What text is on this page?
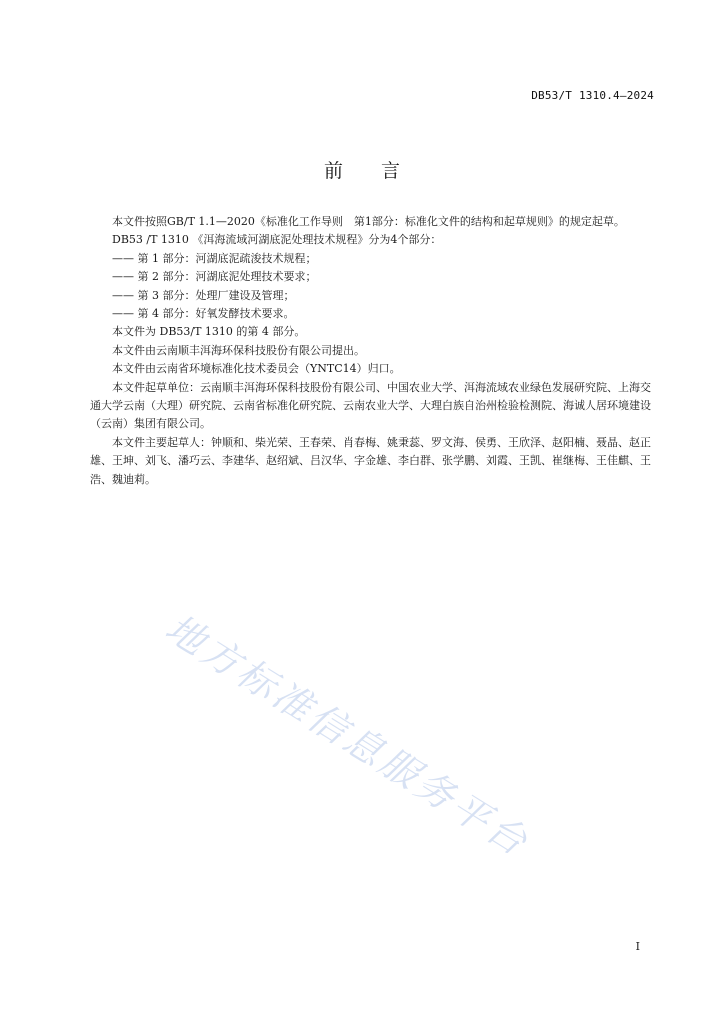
DB53/T 1310.4—2024
前言

本文件按照GB/T 1.1—2020《标准化工作导则　第1部分：标准化文件的结构和起草规则》的规定起草。

DB53 /T 1310 《洱海流域河湖底泥处理技术规程》分为4个部分：

—— 第 1 部分：河湖底泥疏浚技术规程；

—— 第 2 部分：河湖底泥处理技术要求；

—— 第 3 部分：处理厂建设及管理；

—— 第 4 部分：好氧发酵技术要求。

本文件为 DB53/T 1310 的第 4 部分。

本文件由云南顺丰洱海环保科技股份有限公司提出。

本文件由云南省环境标准化技术委员会（YNTC14）归口。

本文件起草单位：云南顺丰洱海环保科技股份有限公司、中国农业大学、洱海流域农业绿色发展研究院、上海交通大学云南（大理）研究院、云南省标准化研究院、云南农业大学、大理白族自治州检验检测院、海诚人居环境建设（云南）集团有限公司。

本文件主要起草人：钟顺和、柴光荣、王春荣、肖春梅、姚秉蕊、罗文海、侯勇、王欣泽、赵阳楠、聂晶、赵正雄、王坤、刘飞、潘巧云、李建华、赵绍斌、吕汉华、字金雄、李白群、张学鹏、刘霞、王凯、崔继梅、王佳麒、王浩、魏迪莉。

地方标准信息服务平台
I
